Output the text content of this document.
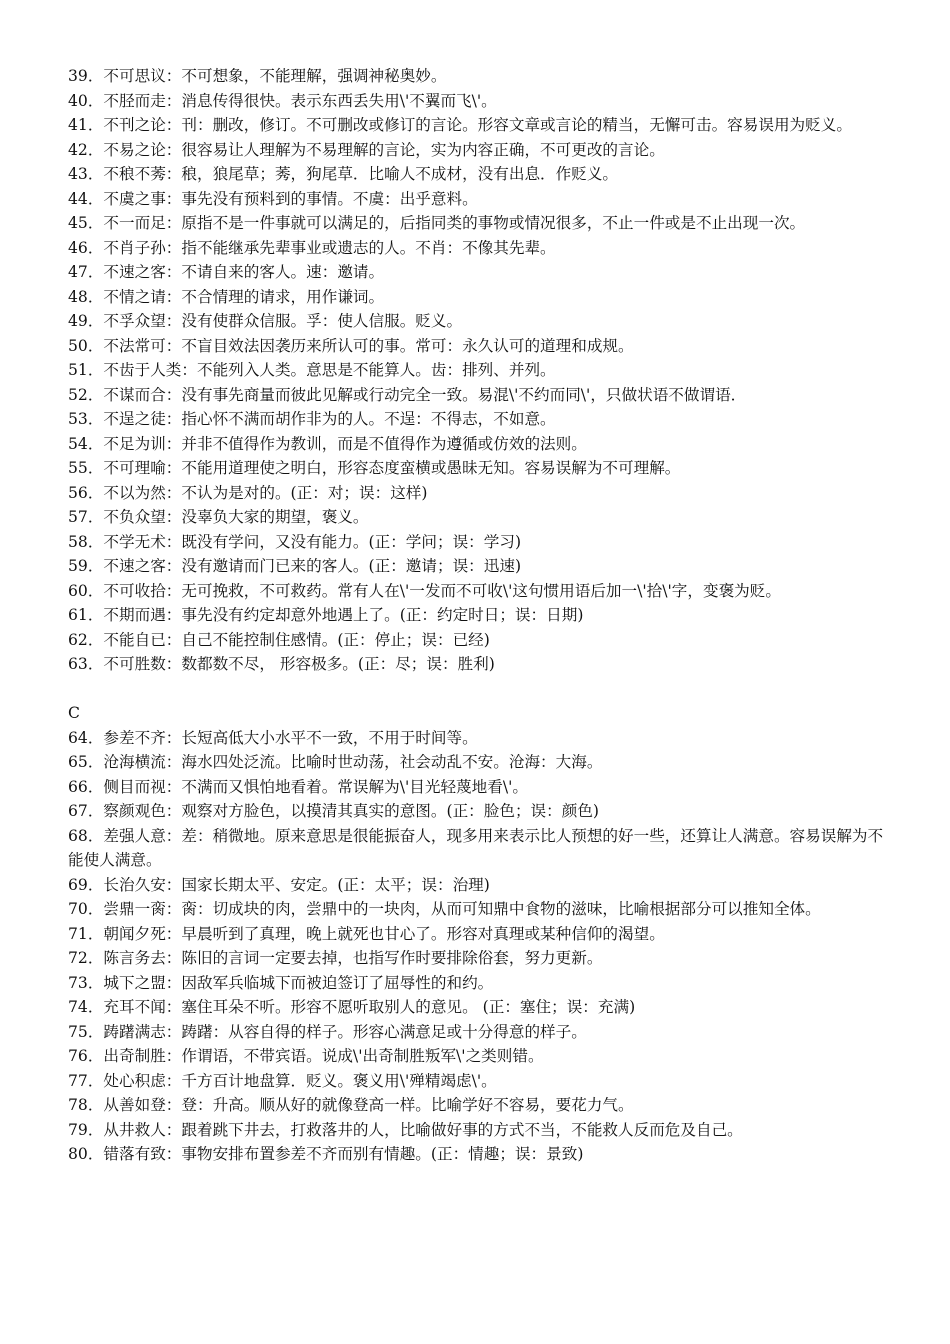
39．不可思议：不可想象，不能理解，强调神秘奥妙。

40．不胫而走：消息传得很快。表示东西丢失用\'不翼而飞\'。

41．不刊之论：刊：删改，修订。不可删改或修订的言论。形容文章或言论的精当，无懈可击。容易误用为贬义。

42．不易之论：很容易让人理解为不易理解的言论，实为内容正确，不可更改的言论。

43．不稂不莠：稂，狼尾草；莠，狗尾草．比喻人不成材，没有出息．作贬义。

44．不虞之事：事先没有预料到的事情。不虞：出乎意料。

45．不一而足：原指不是一件事就可以满足的，后指同类的事物或情况很多，不止一件或是不止出现一次。

46．不肖子孙：指不能继承先辈事业或遗志的人。不肖：不像其先辈。

47．不速之客：不请自来的客人。速：邀请。

48．不情之请：不合情理的请求，用作谦词。

49．不孚众望：没有使群众信服。孚：使人信服。贬义。

50．不法常可：不盲目效法因袭历来所认可的事。常可：永久认可的道理和成规。

51．不齿于人类：不能列入人类。意思是不能算人。齿：排列、并列。

52．不谋而合：没有事先商量而彼此见解或行动完全一致。易混\'不约而同\'，只做状语不做谓语．

53．不逞之徒：指心怀不满而胡作非为的人。不逞：不得志，不如意。

54．不足为训：并非不值得作为教训，而是不值得作为遵循或仿效的法则。

55．不可理喻：不能用道理使之明白，形容态度蛮横或愚昧无知。容易误解为不可理解。

56．不以为然：不认为是对的。(正：对；误：这样)

57．不负众望：没辜负大家的期望，褒义。

58．不学无术：既没有学问，又没有能力。(正：学问；误：学习)

59．不速之客：没有邀请而门已来的客人。(正：邀请；误：迅速)

60．不可收拾：无可挽救，不可救药。常有人在\'一发而不可收\'这句惯用语后加一\'拾\'字，变褒为贬。

61．不期而遇：事先没有约定却意外地遇上了。(正：约定时日；误：日期)

62．不能自已：自己不能控制住感情。(正：停止；误：已经)

63．不可胜数：数都数不尽， 形容极多。(正：尽；误：胜利)

C

64．参差不齐：长短高低大小水平不一致，不用于时间等。

65．沧海横流：海水四处泛流。比喻时世动荡，社会动乱不安。沧海：大海。

66．侧目而视：不满而又惧怕地看着。常误解为\'目光轻蔑地看\'。

67．察颜观色：观察对方脸色，以摸清其真实的意图。(正：脸色；误：颜色)

68．差强人意：差：稍微地。原来意思是很能振奋人，现多用来表示比人预想的好一些，还算让人满意。容易误解为不能使人满意。

69．长治久安：国家长期太平、安定。(正：太平；误：治理)

70．尝鼎一脔：脔：切成块的肉，尝鼎中的一块肉，从而可知鼎中食物的滋味，比喻根据部分可以推知全体。

71．朝闻夕死：早晨听到了真理，晚上就死也甘心了。形容对真理或某种信仰的渴望。

72．陈言务去：陈旧的言词一定要去掉，也指写作时要排除俗套，努力更新。

73．城下之盟：因敌军兵临城下而被迫签订了屈辱性的和约。

74．充耳不闻：塞住耳朵不听。形容不愿听取别人的意见。 (正：塞住；误：充满)

75．踌躇满志：踌躇：从容自得的样子。形容心满意足或十分得意的样子。

76．出奇制胜：作谓语，不带宾语。说成\'出奇制胜叛军\'之类则错。

77．处心积虑：千方百计地盘算．贬义。褒义用\'殚精竭虑\'。

78．从善如登：登：升高。顺从好的就像登高一样。比喻学好不容易，要花力气。

79．从井救人：跟着跳下井去，打救落井的人，比喻做好事的方式不当，不能救人反而危及自己。

80．错落有致：事物安排布置参差不齐而别有情趣。(正：情趣；误：景致)
